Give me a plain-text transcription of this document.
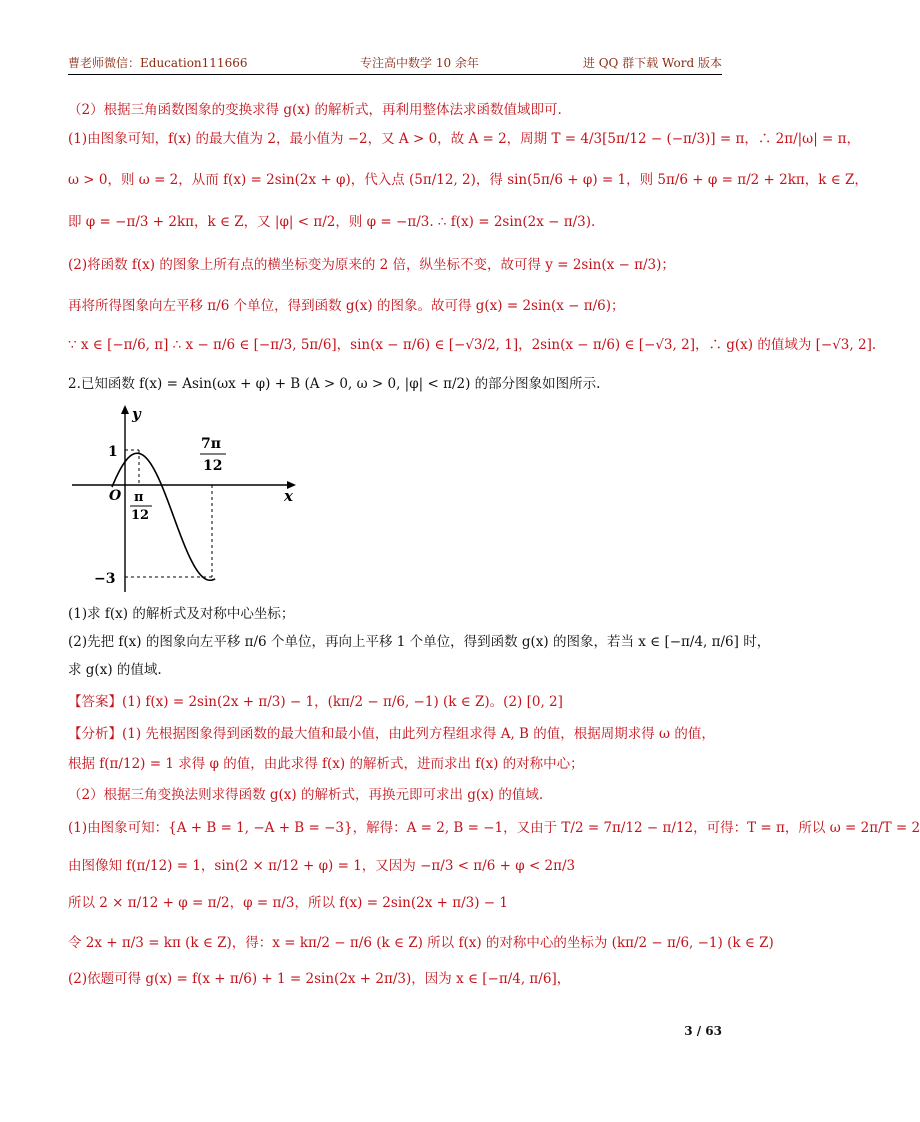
曹老师微信：Education111666	专注高中数学 10 余年	进 QQ 群下载 Word 版本
（2）根据三角函数图象的变换求得 g(x) 的解析式，再利用整体法求函数值域即可.
(1)由图象可知，f(x) 的最大值为 2，最小值为 −2，又 A > 0，故 A = 2，周期 T = 4/3[5π/12 − (−π/3)] = π，∴ 2π/|ω| = π，
ω > 0，则 ω = 2，从而 f(x) = 2sin(2x + φ)，代入点 (5π/12, 2)，得 sin(5π/6 + φ) = 1，则 5π/6 + φ = π/2 + 2kπ，k ∈ Z，
即 φ = −π/3 + 2kπ，k ∈ Z，又 |φ| < π/2，则 φ = −π/3. ∴ f(x) = 2sin(2x − π/3).
(2)将函数 f(x) 的图象上所有点的横坐标变为原来的 2 倍，纵坐标不变，故可得 y = 2sin(x − π/3)；
再将所得图象向左平移 π/6 个单位，得到函数 g(x) 的图象。故可得 g(x) = 2sin(x − π/6)；
∵ x ∈ [−π/6, π] ∴ x − π/6 ∈ [−π/3, 5π/6]，sin(x − π/6) ∈ [−√3/2, 1]，2sin(x − π/6) ∈ [−√3, 2]，∴ g(x) 的值域为 [−√3, 2].
2.已知函数 f(x) = Asin(ωx + φ) + B (A > 0, ω > 0, |φ| < π/2) 的部分图象如图所示.
(1)求 f(x) 的解析式及对称中心坐标；
(2)先把 f(x) 的图象向左平移 π/6 个单位，再向上平移 1 个单位，得到函数 g(x) 的图象，若当 x ∈ [−π/4, π/6] 时，
求 g(x) 的值域.
【答案】(1) f(x) = 2sin(2x + π/3) − 1，(kπ/2 − π/6, −1) (k ∈ Z)。(2) [0, 2]
【分析】(1) 先根据图象得到函数的最大值和最小值，由此列方程组求得 A, B 的值，根据周期求得 ω 的值，
根据 f(π/12) = 1 求得 φ 的值，由此求得 f(x) 的解析式，进而求出 f(x) 的对称中心；
（2）根据三角变换法则求得函数 g(x) 的解析式，再换元即可求出 g(x) 的值域.
(1)由图象可知：{A + B = 1, −A + B = −3}，解得：A = 2, B = −1，又由于 T/2 = 7π/12 − π/12，可得：T = π，所以 ω = 2π/T = 2
由图像知 f(π/12) = 1，sin(2 × π/12 + φ) = 1，又因为 −π/3 < π/6 + φ < 2π/3
所以 2 × π/12 + φ = π/2，φ = π/3，所以 f(x) = 2sin(2x + π/3) − 1
令 2x + π/3 = kπ (k ∈ Z)，得：x = kπ/2 − π/6 (k ∈ Z) 所以 f(x) 的对称中心的坐标为 (kπ/2 − π/6, −1) (k ∈ Z)
(2)依题可得 g(x) = f(x + π/6) + 1 = 2sin(2x + 2π/3)，因为 x ∈ [−π/4, π/6]，
y
x
O
1
−3
π
12
7π
12
3 / 63
